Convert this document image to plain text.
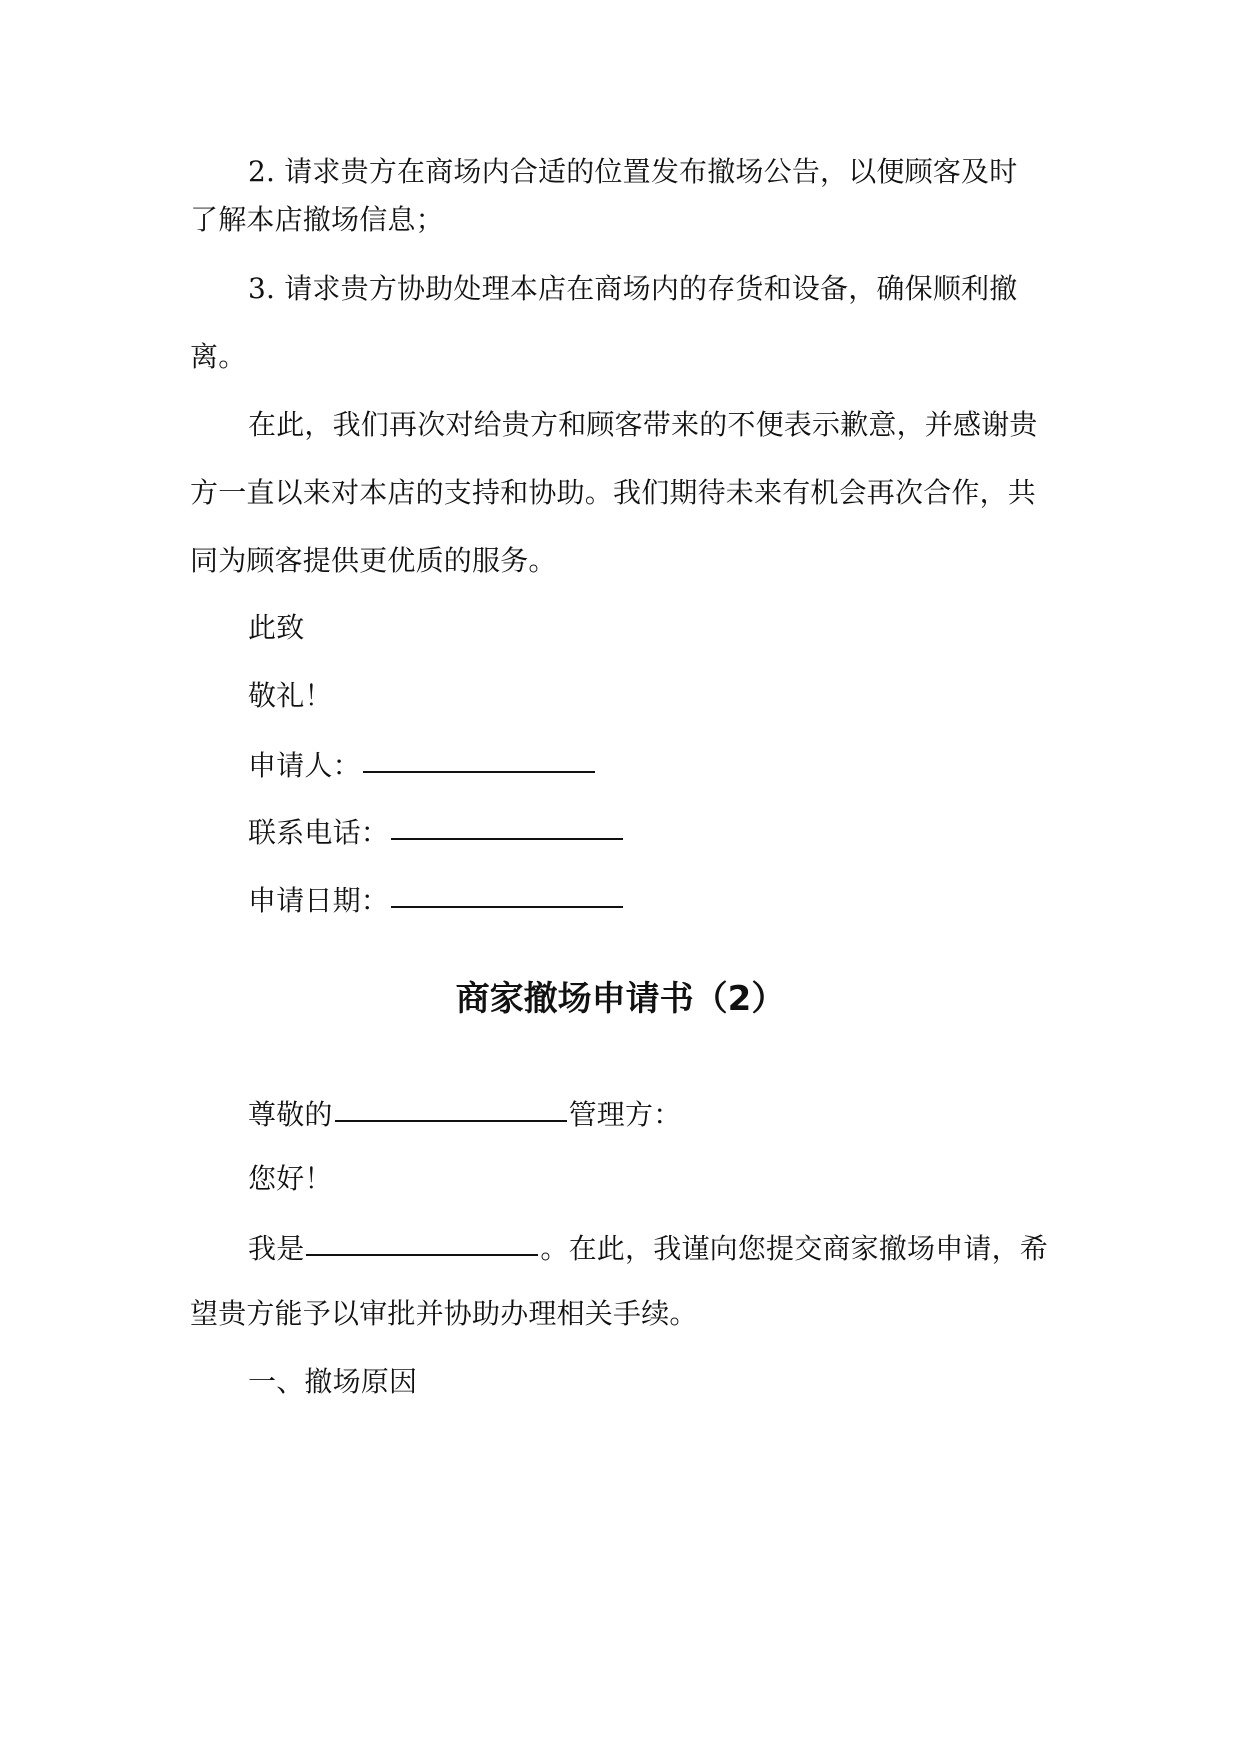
2. 请求贵方在商场内合适的位置发布撤场公告，以便顾客及时
了解本店撤场信息；
3. 请求贵方协助处理本店在商场内的存货和设备，确保顺利撤
离。
在此，我们再次对给贵方和顾客带来的不便表示歉意，并感谢贵
方一直以来对本店的支持和协助。我们期待未来有机会再次合作，共
同为顾客提供更优质的服务。
此致
敬礼！
申请人：
联系电话：
申请日期：
商家撤场申请书（2）
尊敬的	管理方：
您好！
我是	。在此，我谨向您提交商家撤场申请，希
望贵方能予以审批并协助办理相关手续。
一、撤场原因
